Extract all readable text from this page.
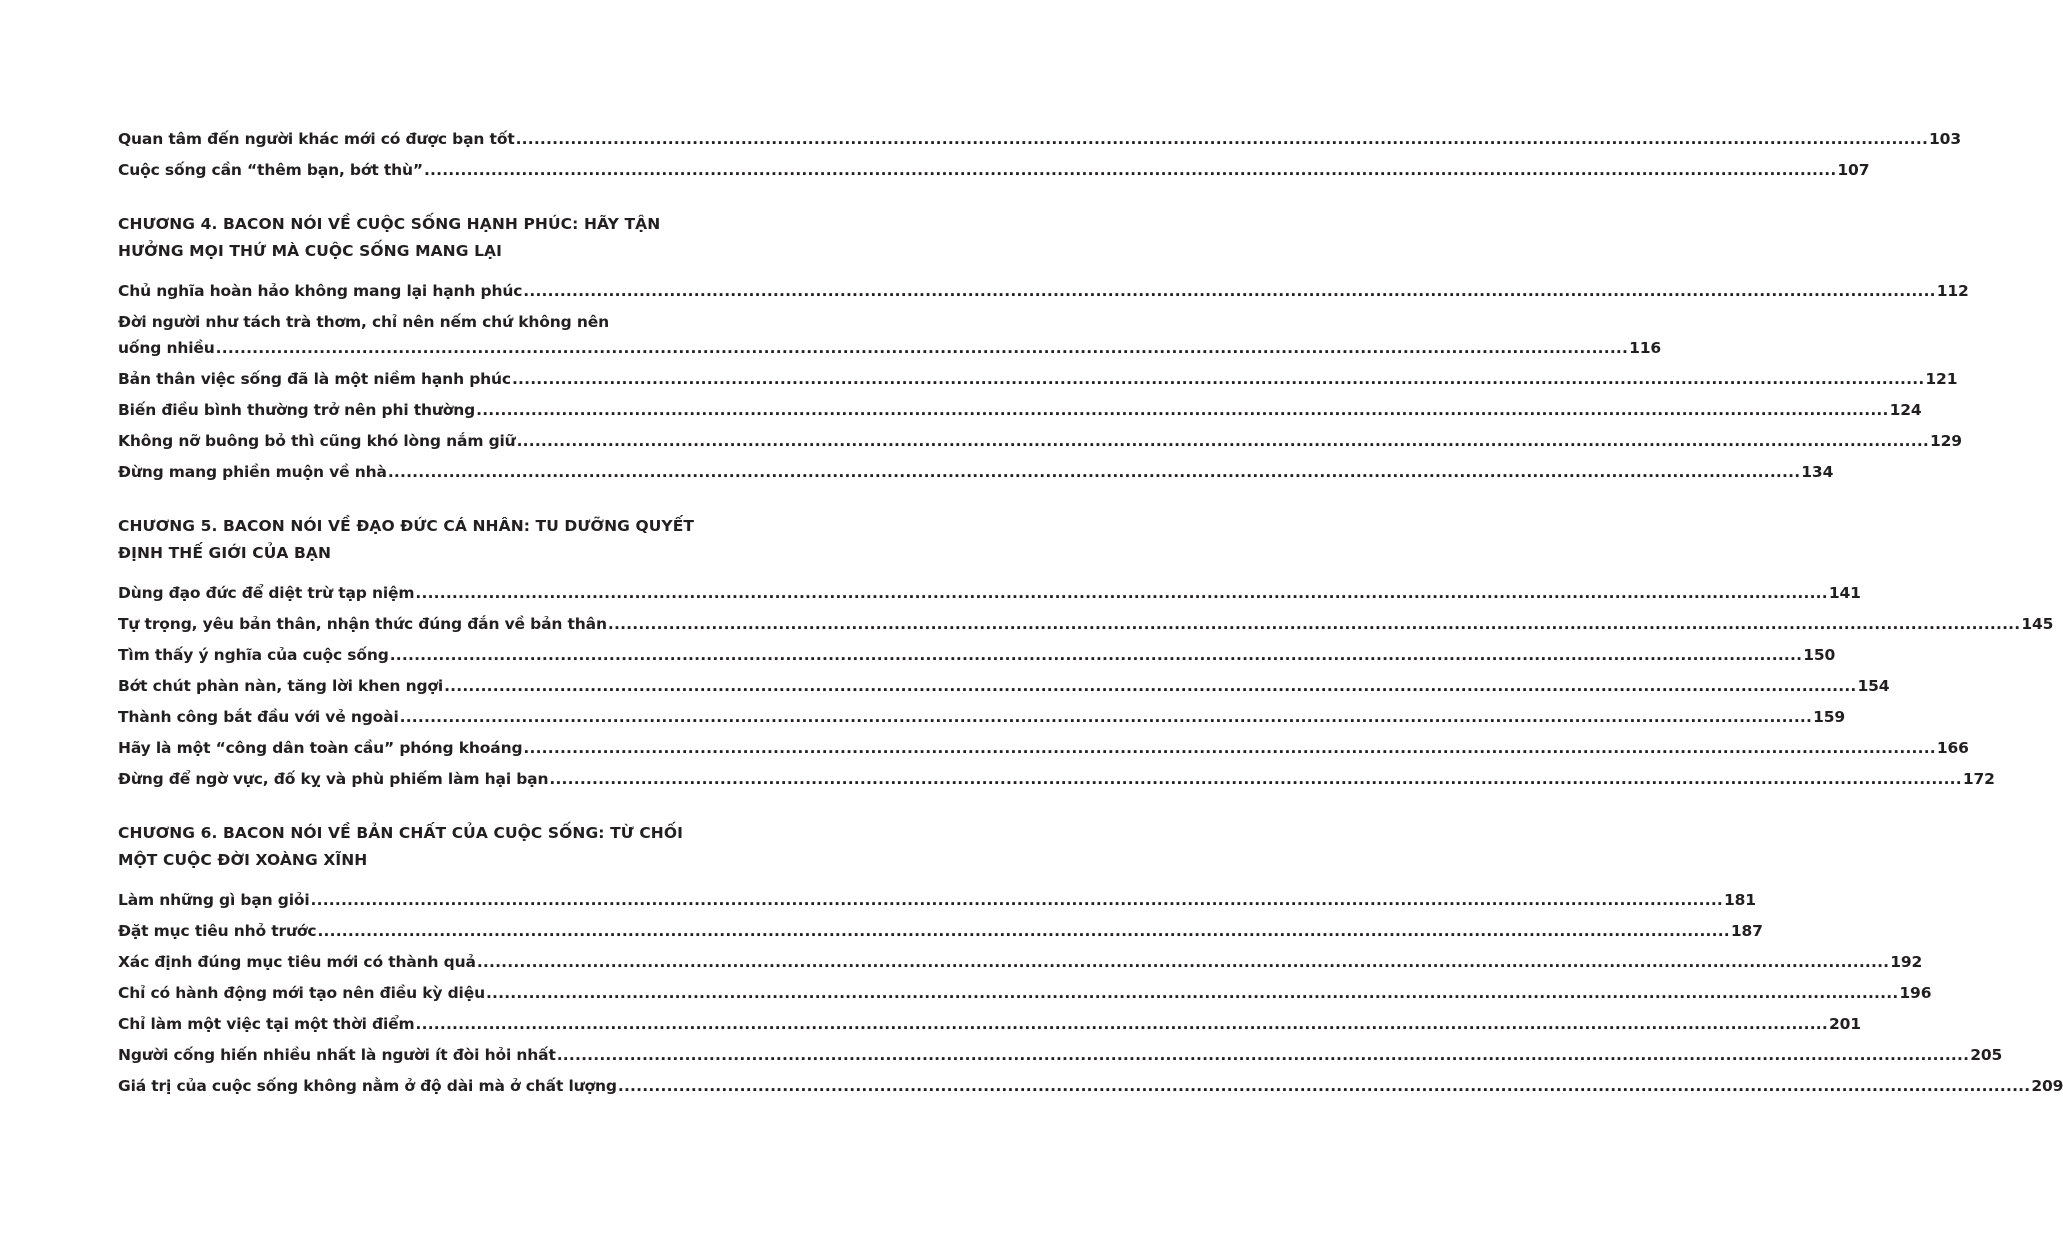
Quan tâm đến người khác mới có được bạn tốt .....	103
Cuộc sống cần “thêm bạn, bớt thù” .....	107
CHƯƠNG 4. BACON NÓI VỀ CUỘC SỐNG HẠNH PHÚC: HÃY TẬN
HƯỞNG MỌI THỨ MÀ CUỘC SỐNG MANG LẠI
Chủ nghĩa hoàn hảo không mang lại hạnh phúc .....	112
Đời người như tách trà thơm, chỉ nên nếm chứ không nên
uống nhiều .....	116
Bản thân việc sống đã là một niềm hạnh phúc .....	121
Biến điều bình thường trở nên phi thường .....	124
Không nỡ buông bỏ thì cũng khó lòng nắm giữ .....	129
Đừng mang phiền muộn về nhà .....	134
CHƯƠNG 5. BACON NÓI VỀ ĐẠO ĐỨC CÁ NHÂN: TU DƯỠNG QUYẾT
ĐỊNH THẾ GIỚI CỦA BẠN
Dùng đạo đức để diệt trừ tạp niệm .....	141
Tự trọng, yêu bản thân, nhận thức đúng đắn về bản thân .....	145
Tìm thấy ý nghĩa của cuộc sống .....	150
Bớt chút phàn nàn, tăng lời khen ngợi .....	154
Thành công bắt đầu với vẻ ngoài .....	159
Hãy là một “công dân toàn cầu” phóng khoáng .....	166
Đừng để ngờ vực, đố kỵ và phù phiếm làm hại bạn .....	172
CHƯƠNG 6. BACON NÓI VỀ BẢN CHẤT CỦA CUỘC SỐNG: TỪ CHỐI
MỘT CUỘC ĐỜI XOÀNG XĨNH
Làm những gì bạn giỏi .....	181
Đặt mục tiêu nhỏ trước .....	187
Xác định đúng mục tiêu mới có thành quả .....	192
Chỉ có hành động mới tạo nên điều kỳ diệu .....	196
Chỉ làm một việc tại một thời điểm .....	201
Người cống hiến nhiều nhất là người ít đòi hỏi nhất .....	205
Giá trị của cuộc sống không nằm ở độ dài mà ở chất lượng .....	209
